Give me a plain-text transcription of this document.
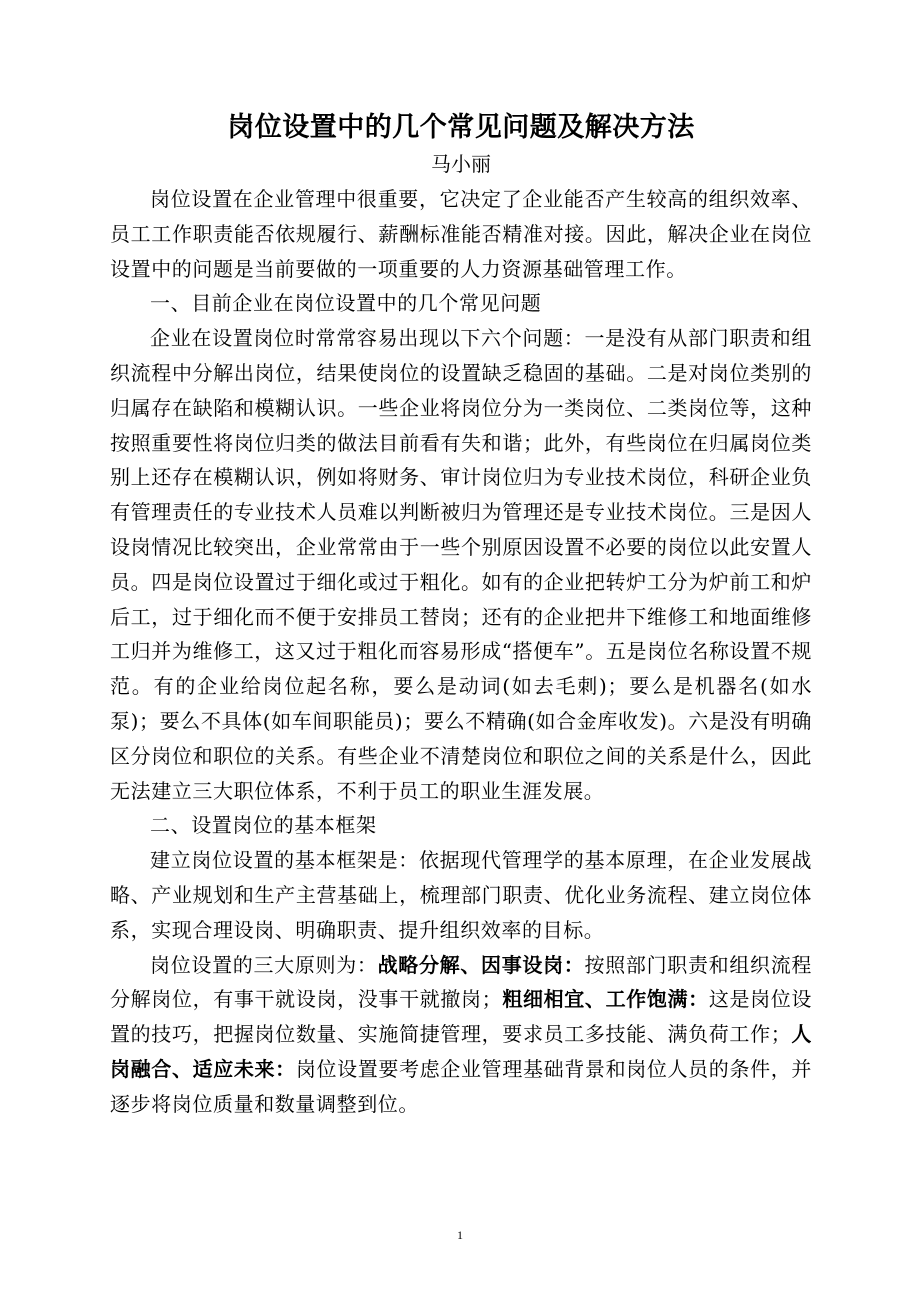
岗位设置中的几个常见问题及解决方法

马小丽

岗位设置在企业管理中很重要，它决定了企业能否产生较高的组织效率、员工工作职责能否依规履行、薪酬标准能否精准对接。因此，解决企业在岗位设置中的问题是当前要做的一项重要的人力资源基础管理工作。

一、目前企业在岗位设置中的几个常见问题

企业在设置岗位时常常容易出现以下六个问题：一是没有从部门职责和组织流程中分解出岗位，结果使岗位的设置缺乏稳固的基础。二是对岗位类别的归属存在缺陷和模糊认识。一些企业将岗位分为一类岗位、二类岗位等，这种按照重要性将岗位归类的做法目前看有失和谐；此外，有些岗位在归属岗位类别上还存在模糊认识，例如将财务、审计岗位归为专业技术岗位，科研企业负有管理责任的专业技术人员难以判断被归为管理还是专业技术岗位。三是因人设岗情况比较突出，企业常常由于一些个别原因设置不必要的岗位以此安置人员。四是岗位设置过于细化或过于粗化。如有的企业把转炉工分为炉前工和炉后工，过于细化而不便于安排员工替岗；还有的企业把井下维修工和地面维修工归并为维修工，这又过于粗化而容易形成“搭便车”。五是岗位名称设置不规范。有的企业给岗位起名称，要么是动词(如去毛刺)；要么是机器名(如水泵)；要么不具体(如车间职能员)；要么不精确(如合金库收发)。六是没有明确区分岗位和职位的关系。有些企业不清楚岗位和职位之间的关系是什么，因此无法建立三大职位体系，不利于员工的职业生涯发展。

二、设置岗位的基本框架

建立岗位设置的基本框架是：依据现代管理学的基本原理，在企业发展战略、产业规划和生产主营基础上，梳理部门职责、优化业务流程、建立岗位体系，实现合理设岗、明确职责、提升组织效率的目标。

岗位设置的三大原则为：战略分解、因事设岗：按照部门职责和组织流程分解岗位，有事干就设岗，没事干就撤岗；粗细相宜、工作饱满：这是岗位设置的技巧，把握岗位数量、实施简捷管理，要求员工多技能、满负荷工作；人岗融合、适应未来：岗位设置要考虑企业管理基础背景和岗位人员的条件，并逐步将岗位质量和数量调整到位。

1
